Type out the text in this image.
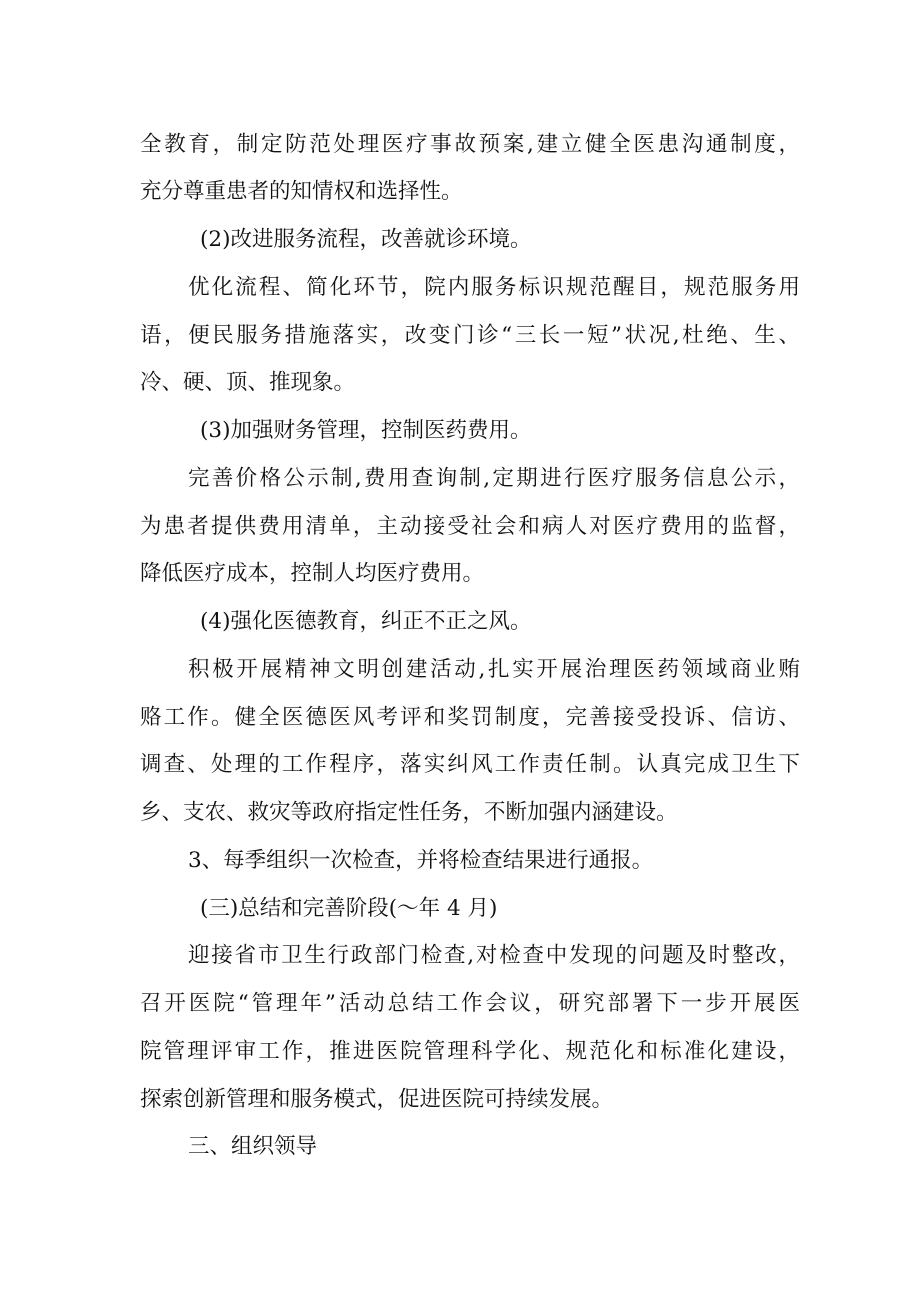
全教育，制定防范处理医疗事故预案,建立健全医患沟通制度，
充分尊重患者的知情权和选择性。
(2)改进服务流程，改善就诊环境。
优化流程、简化环节，院内服务标识规范醒目，规范服务用
语，便民服务措施落实，改变门诊“三长一短”状况,杜绝、生、
冷、硬、顶、推现象。
(3)加强财务管理，控制医药费用。
完善价格公示制,费用查询制,定期进行医疗服务信息公示，
为患者提供费用清单，主动接受社会和病人对医疗费用的监督，
降低医疗成本，控制人均医疗费用。
(4)强化医德教育，纠正不正之风。
积极开展精神文明创建活动,扎实开展治理医药领域商业贿
赂工作。健全医德医风考评和奖罚制度，完善接受投诉、信访、
调查、处理的工作程序，落实纠风工作责任制。认真完成卫生下
乡、支农、救灾等政府指定性任务，不断加强内涵建设。
3、每季组织一次检查，并将检查结果进行通报。
(三)总结和完善阶段(～年 4 月)
迎接省市卫生行政部门检查,对检查中发现的问题及时整改，
召开医院“管理年”活动总结工作会议，研究部署下一步开展医
院管理评审工作，推进医院管理科学化、规范化和标准化建设，
探索创新管理和服务模式，促进医院可持续发展。
三、组织领导
